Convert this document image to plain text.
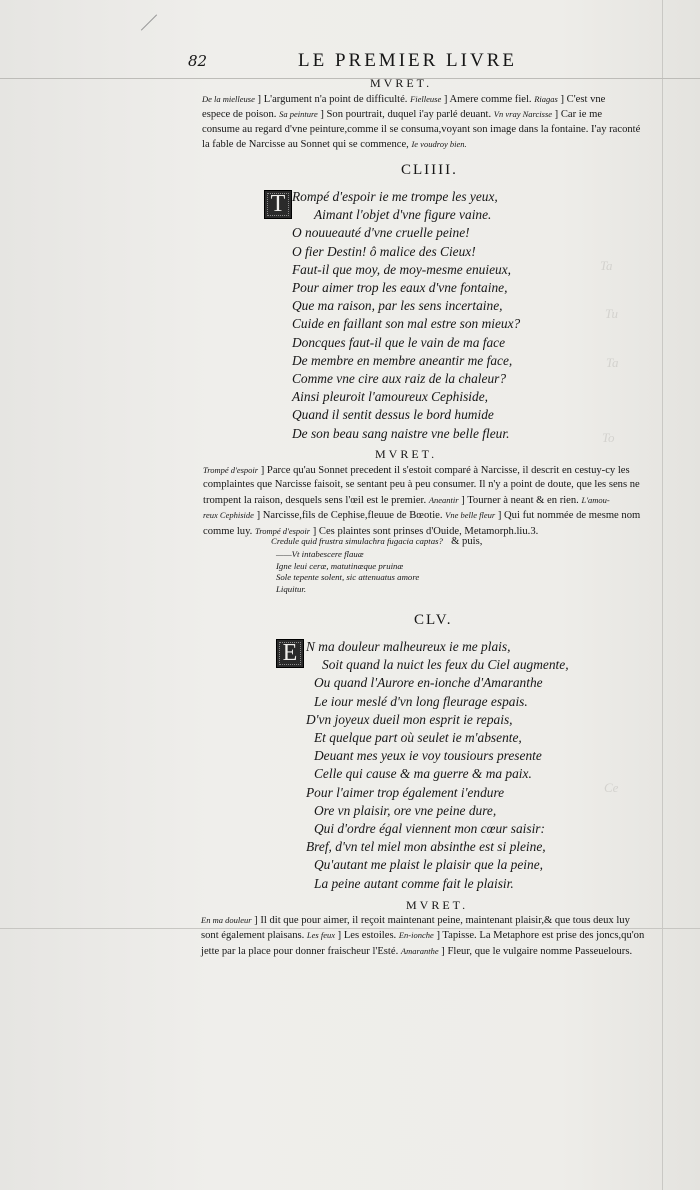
Ta
Tu
Ta
To
Ce
82	LE PREMIER LIVRE
MVRET.
De la mielleuse ] L'argument n'a point de difficulté. Fielleuse ] Amere comme fiel. Riagas ] C'est vne
espece de poison. Sa peinture ] Son pourtrait, duquel i'ay parlé deuant. Vn vray Narcisse ] Car ie me
consume au regard d'vne peinture,comme il se consuma,voyant son image dans la fontaine. I'ay raconté
la fable de Narcisse au Sonnet qui se commence, Ie voudroy bien.
CLIIII.
T Rompé d'espoir ie me trompe les yeux,
Aimant l'objet d'vne figure vaine.
O nouueauté d'vne cruelle peine!
O fier Destin! ô malice des Cieux!
Faut-il que moy, de moy-mesme enuieux,
Pour aimer trop les eaux d'vne fontaine,
Que ma raison, par les sens incertaine,
Cuide en faillant son mal estre son mieux?
Doncques faut-il que le vain de ma face
De membre en membre aneantir me face,
Comme vne cire aux raiz de la chaleur?
Ainsi pleuroit l'amoureux Cephiside,
Quand il sentit dessus le bord humide
De son beau sang naistre vne belle fleur.
MVRET.
Trompé d'espoir ] Parce qu'au Sonnet precedent il s'estoit comparé à Narcisse, il descrit en cestuy-cy les
complaintes que Narcisse faisoit, se sentant peu à peu consumer. Il n'y a point de doute, que les sens ne
trompent la raison, desquels sens l'œil est le premier. Aneantir ] Tourner à neant & en rien. L'amou-
reux Cephiside ] Narcisse,fils de Cephise,fleuue de Bœotie. Vne belle fleur ] Qui fut nommée de mesme nom
comme luy. Trompé d'espoir ] Ces plaintes sont prinses d'Ouide, Metamorph.liu.3.
Credule quid frustra simulachra fugacia captas? & puis,
——Vt intabescere flauæ
Igne leui ceræ, matutinæque pruinæ
Sole tepente solent, sic attenuatus amore
Liquitur.
CLV.
E N ma douleur malheureux ie me plais,
Soit quand la nuict les feux du Ciel augmente,
Ou quand l'Aurore en-ionche d'Amaranthe
Le iour meslé d'vn long fleurage espais.
D'vn joyeux dueil mon esprit ie repais,
Et quelque part où seulet ie m'absente,
Deuant mes yeux ie voy tousiours presente
Celle qui cause & ma guerre & ma paix.
Pour l'aimer trop également i'endure
Ore vn plaisir, ore vne peine dure,
Qui d'ordre égal viennent mon cœur saisir:
Bref, d'vn tel miel mon absinthe est si pleine,
Qu'autant me plaist le plaisir que la peine,
La peine autant comme fait le plaisir.
MVRET.
En ma douleur ] Il dit que pour aimer, il reçoit maintenant peine, maintenant plaisir,& que tous deux luy
sont également plaisans. Les feux ] Les estoiles. En-ionche ] Tapisse. La Metaphore est prise des joncs,qu'on
jette par la place pour donner fraischeur l'Esté. Amaranthe ] Fleur, que le vulgaire nomme Passeuelours.
